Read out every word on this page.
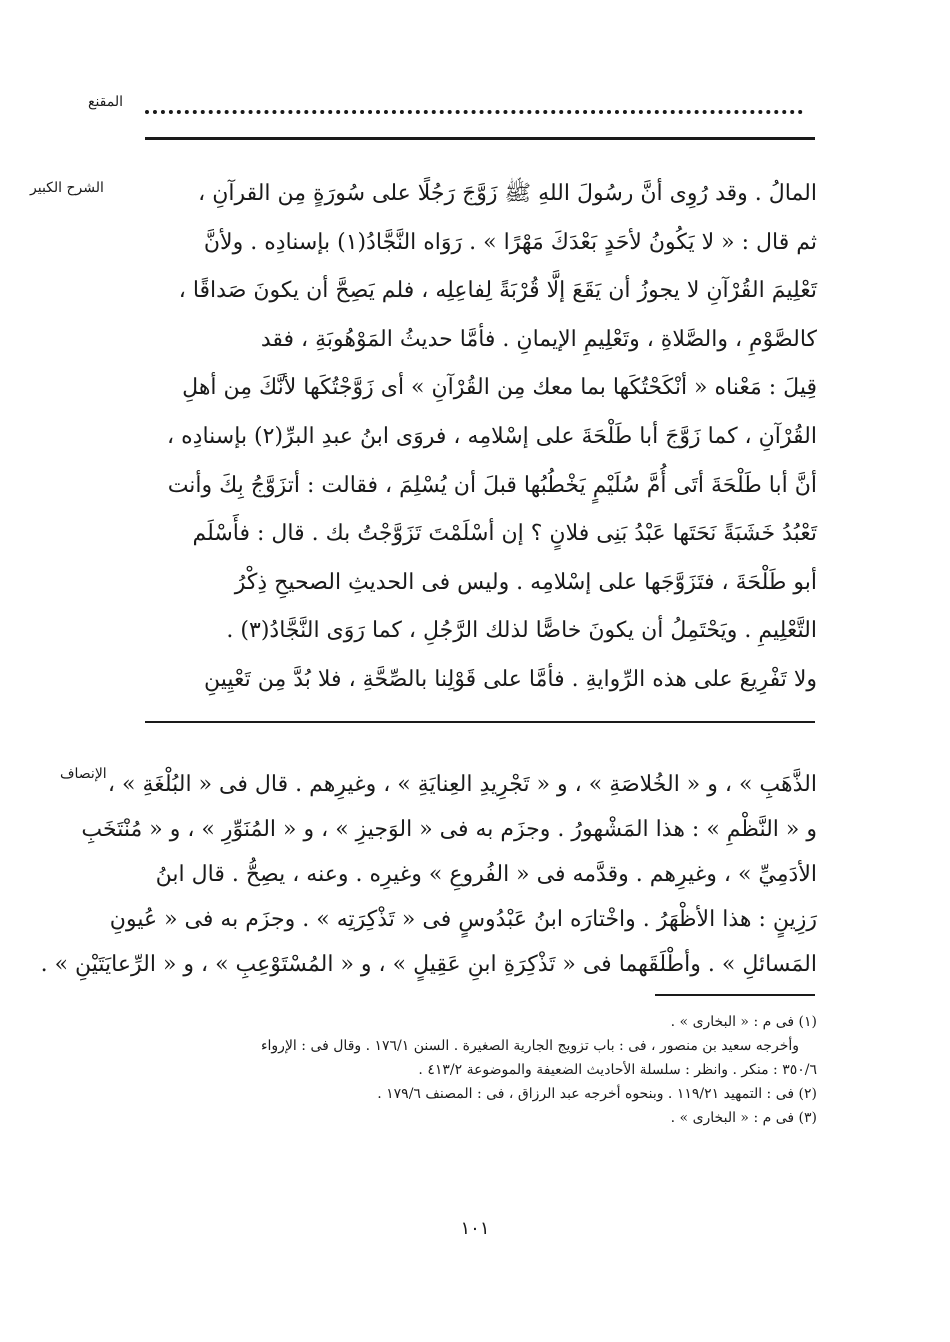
المقنع
الشرح الكبير	المالُ . وقد رُوِى أنَّ رسُولَ اللهِ ﷺ زَوَّجَ رَجُلًا على سُورَةٍ مِن القرآنِ ،

ثم قال : « لا يَكُونُ لأحَدٍ بَعْدَكَ مَهْرًا » . رَوَاه النَّجَّادُ(١) بإسنادِه . ولأنَّ

تَعْلِيمَ القُرْآنِ لا يجوزُ أن يَقَعَ إلَّا قُرْبَةً لِفاعِلِه ، فلم يَصِحَّ أن يكونَ صَداقًا ،

كالصَّوْمِ ، والصَّلاةِ ، وتَعْلِيمِ الإيمانِ . فأمَّا حديثُ المَوْهُوبَةِ ، فقد

قِيلَ : مَعْناه « أنْكَحْتُكَها بما معك مِن القُرْآنِ » أى زَوَّجْتُكَها لأنَّكَ مِن أهلِ

القُرْآنِ ، كما زَوَّجَ أبا طَلْحَةَ على إسْلامِه ، فروَى ابنُ عبدِ البرِّ(٢) بإسنادِه ،

أنَّ أبا طَلْحَةَ أتَى أُمَّ سُلَيْمٍ يَخْطُبُها قبلَ أن يُسْلِمَ ، فقالت : أتزَوَّجُ بِكَ وأنت

تَعْبُدُ خَشَبَةً نَحَتَها عَبْدُ بَنِى فلانٍ ؟ إن أسْلَمْتَ تَزَوَّجْتُ بك . قال : فأَسْلَم

أبو طَلْحَةَ ، فتَزَوَّجَها على إسْلامِه . وليس فى الحديثِ الصحيحِ ذِكْرُ

التَّعْلِيمِ . ويَحْتَمِلُ أن يكونَ خاصًّا لذلك الرَّجُلِ ، كما رَوَى النَّجَّادُ(٣) .

ولا تَفْرِيعَ على هذه الرِّوايةِ . فأمَّا على قَوْلِنا بالصِّحَّةِ ، فلا بُدَّ مِن تَعْيِينِ

الإنصاف الذَّهَبِ » ، و « الخُلاصَةِ » ، و « تَجْرِيدِ العِنايَةِ » ، وغيرِهم . قال فى « البُلْغَةِ » ،

و « النَّظْمِ » : هذا المَشْهورُ . وجزَم به فى « الوَجيزِ » ، و « المُنَوِّرِ » ، و « مُنْتَخَبِ

الأدَمِيِّ » ، وغيرِهم . وقدَّمه فى « الفُروعِ » وغيرِه . وعنه ، يصِحُّ . قال ابنُ

رَزِينٍ : هذا الأظْهَرُ . واخْتارَه ابنُ عَبْدُوسٍ فى « تَذْكِرَتِه » . وجزَم به فى « عُيونِ

المَسائلِ » . وأطْلَقَهما فى « تَذْكِرَةِ ابنِ عَقِيلٍ » ، و « المُسْتَوْعِبِ » ، و « الرِّعايَتَيْنِ » .

(١) فى م : « البخارى » .

وأخرجه سعيد بن منصور ، فى : باب تزويج الجارية الصغيرة . السنن ١٧٦/١ . وقال فى : الإرواء

٣٥٠/٦ : منكر . وانظر : سلسلة الأحاديث الضعيفة والموضوعة ٤١٣/٢ .

(٢) فى : التمهيد ١١٩/٢١ . وبنحوه أخرجه عبد الرزاق ، فى : المصنف ١٧٩/٦ .

(٣) فى م : « البخارى » .

١٠١
